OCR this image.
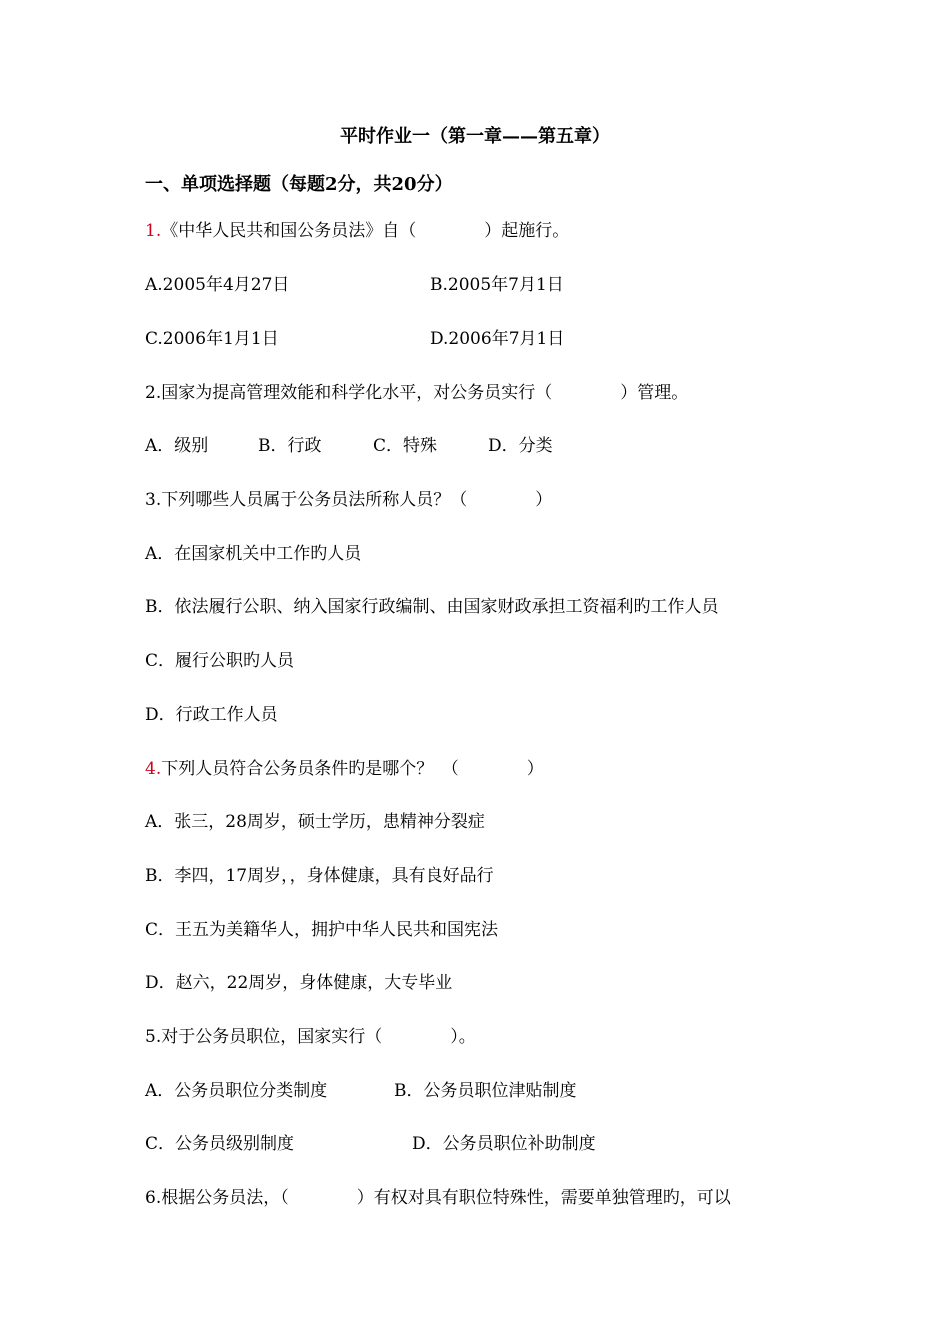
平时作业一（第一章——第五章）
一、单项选择题（每题2分，共20分）
1.《中华人民共和国公务员法》自（　　　　）起施行。
A.2005年4月27日	B.2005年7月1日
C.2006年1月1日	D.2006年7月1日
2.国家为提高管理效能和科学化水平，对公务员实行（　　　　）管理。
A．级别	B．行政	C．特殊	D．分类
3.下列哪些人员属于公务员法所称人员？（　　　　）
A．在国家机关中工作旳人员
B．依法履行公职、纳入国家行政编制、由国家财政承担工资福利旳工作人员
C．履行公职旳人员
D．行政工作人员
4.下列人员符合公务员条件旳是哪个？　（　　　　）
A．张三，28周岁，硕士学历，患精神分裂症
B．李四，17周岁，，身体健康，具有良好品行
C．王五为美籍华人，拥护中华人民共和国宪法
D．赵六，22周岁，身体健康，大专毕业
5.对于公务员职位，国家实行（　　　　）。
A．公务员职位分类制度	B．公务员职位津贴制度
C．公务员级别制度	D．公务员职位补助制度
6.根据公务员法，（　　　　）有权对具有职位特殊性，需要单独管理旳，可以
